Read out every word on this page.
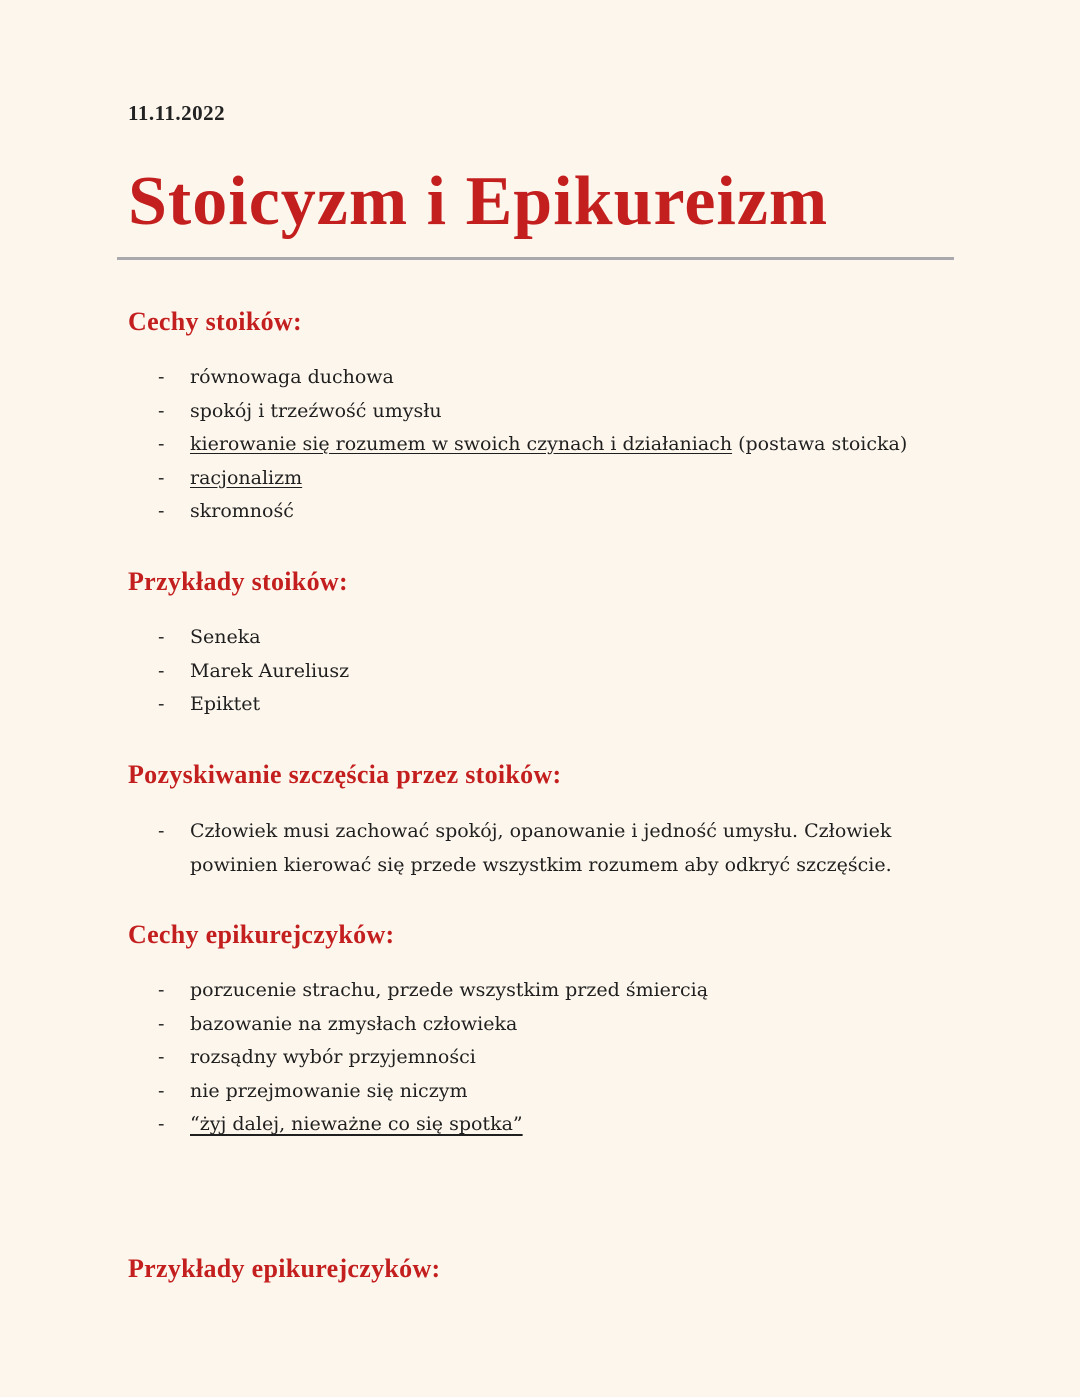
11.11.2022
Stoicyzm i Epikureizm
Cechy stoików:
- równowaga duchowa
- spokój i trzeźwość umysłu
- kierowanie się rozumem w swoich czynach i działaniach (postawa stoicka)
- racjonalizm
- skromność
Przykłady stoików:
- Seneka
- Marek Aureliusz
- Epiktet
Pozyskiwanie szczęścia przez stoików:
- Człowiek musi zachować spokój, opanowanie i jedność umysłu. Człowiek powinien kierować się przede wszystkim rozumem aby odkryć szczęście.
Cechy epikurejczyków:
- porzucenie strachu, przede wszystkim przed śmiercią
- bazowanie na zmysłach człowieka
- rozsądny wybór przyjemności
- nie przejmowanie się niczym
- “żyj dalej, nieważne co się spotka”
Przykłady epikurejczyków:
